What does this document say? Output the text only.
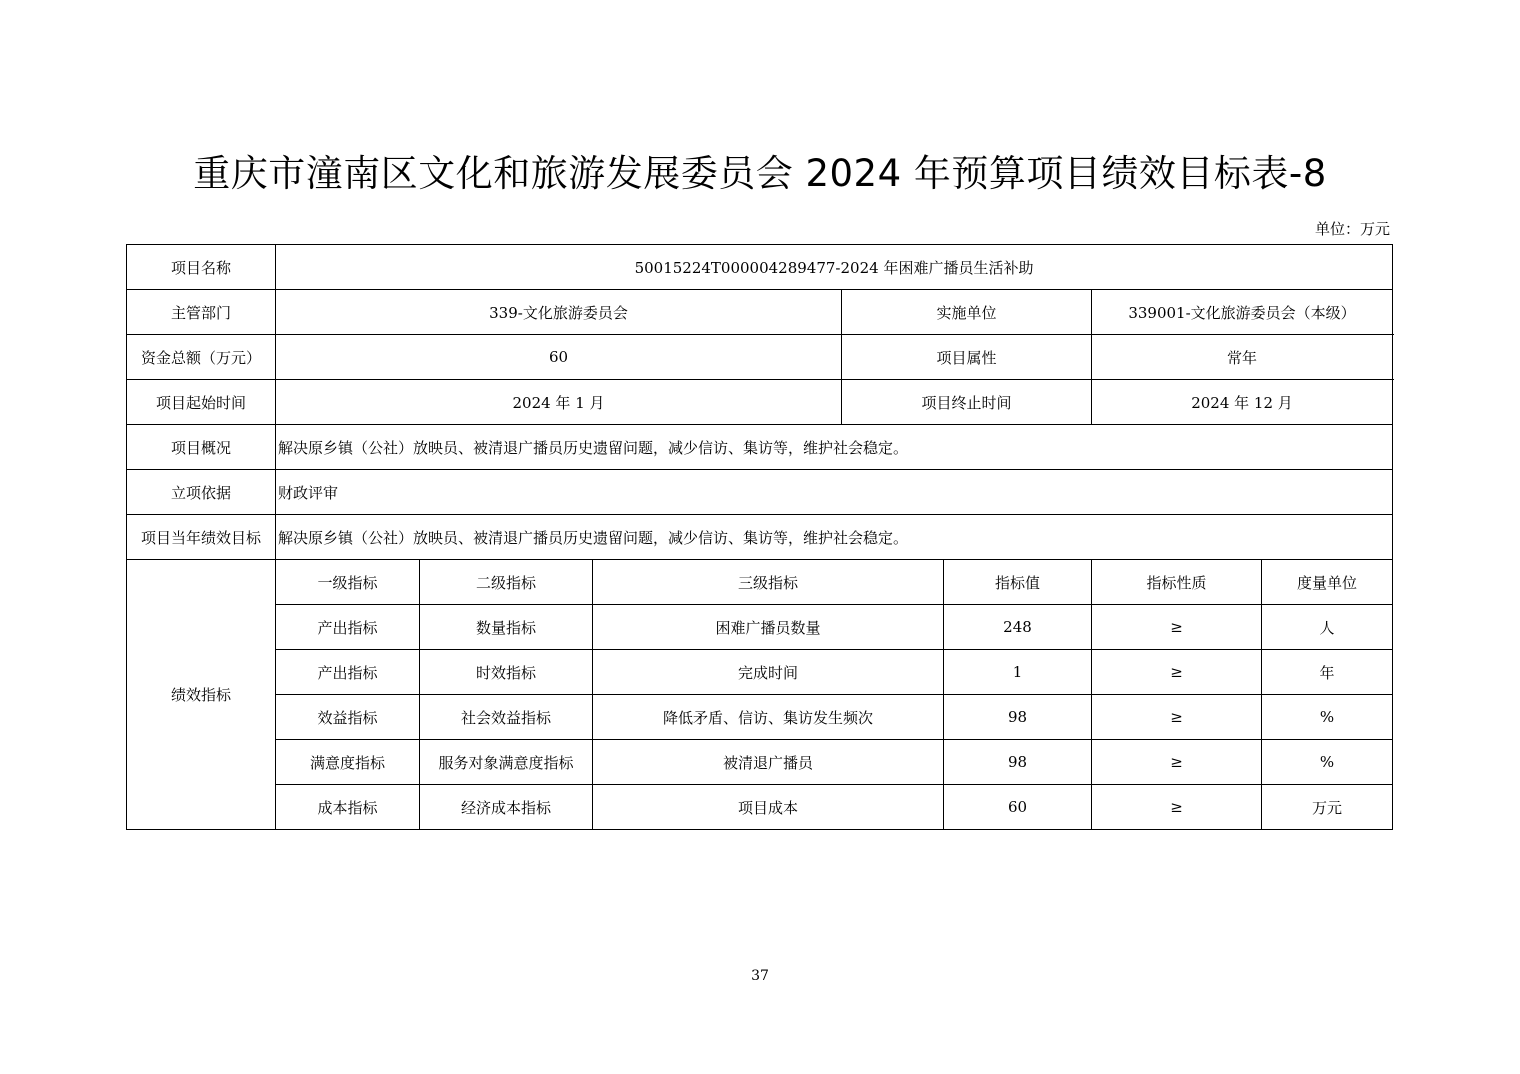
重庆市潼南区文化和旅游发展委员会 2024 年预算项目绩效目标表-8
单位：万元
项目名称	50015224T000004289477-2024 年困难广播员生活补助							
主管部门	339-文化旅游委员会			实施单位		339001-文化旅游委员会（本级）		
资金总额（万元）	60			项目属性		常年		
项目起始时间	2024 年 1 月			项目终止时间		2024 年 12 月		
项目概况	解决原乡镇（公社）放映员、被清退广播员历史遗留问题，减少信访、集访等，维护社会稳定。							
立项依据	财政评审							
项目当年绩效目标	解决原乡镇（公社）放映员、被清退广播员历史遗留问题，减少信访、集访等，维护社会稳定。							
绩效指标	一级指标	二级指标	三级指标		指标值	指标性质	度量单位	
	产出指标	数量指标	困难广播员数量		248	≥	人	
	产出指标	时效指标	完成时间		1	≥	年	
	效益指标	社会效益指标	降低矛盾、信访、集访发生频次		98	≥	%	
	满意度指标	服务对象满意度指标	被清退广播员		98	≥	%	
	成本指标	经济成本指标	项目成本		60	≥	万元	
37
